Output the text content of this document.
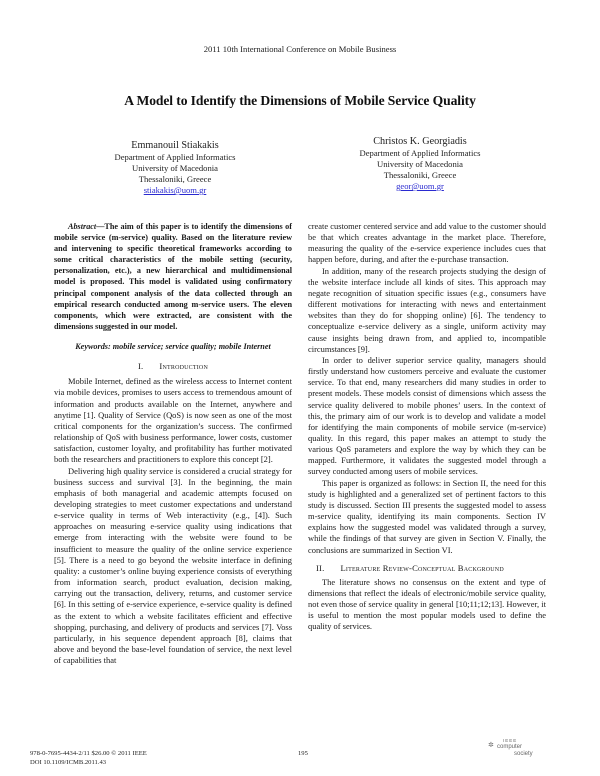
2011 10th International Conference on Mobile Business
A Model to Identify the Dimensions of Mobile Service Quality
Emmanouil Stiakakis
Department of Applied Informatics
University of Macedonia
Thessaloniki, Greece
stiakakis@uom.gr
Christos K. Georgiadis
Department of Applied Informatics
University of Macedonia
Thessaloniki, Greece
geor@uom.gr

Abstract—The aim of this paper is to identify the dimensions of mobile service (m-service) quality. Based on the literature review and intervening to specific theoretical frameworks according to some critical characteristics of the mobile setting (security, personalization, etc.), a new hierarchical and multidimensional model is proposed. This model is validated using confirmatory principal component analysis of the data collected through an empirical research conducted among m-service users. The eleven components, which were extracted, are consistent with the dimensions suggested in our model.

Keywords: mobile service; service quality; mobile Internet

I. Introduction

Mobile Internet, defined as the wireless access to Internet content via mobile devices, promises to users access to tremendous amount of information and products available on the Internet, anywhere and anytime [1]. Quality of Service (QoS) is now seen as one of the most critical components for the organization’s success. The confirmed relationship of QoS with business performance, lower costs, customer satisfaction, customer loyalty, and profitability has further motivated both the researchers and practitioners to explore this concept [2].

Delivering high quality service is considered a crucial strategy for business success and survival [3]. In the beginning, the main emphasis of both managerial and academic attempts focused on developing strategies to meet customer expectations and understand e-service quality in terms of Web interactivity (e.g., [4]). Such approaches on measuring e-service quality using indications that emerge from interacting with the website were found to be insufficient to measure the quality of the online service experience [5]. There is a need to go beyond the website interface in defining quality: a customer’s online buying experience consists of everything from information search, product evaluation, decision making, carrying out the transaction, delivery, returns, and customer service [6]. In this setting of e-service experience, e-service quality is defined as the extent to which a website facilitates efficient and effective shopping, purchasing, and delivery of products and services [7]. Voss particularly, in his sequence dependent approach [8], claims that above and beyond the base-level foundation of service, the next level of capabilities that

create customer centered service and add value to the customer should be that which creates advantage in the market place. Therefore, measuring the quality of the e-service experience includes cues that happen before, during, and after the e-purchase transaction.

In addition, many of the research projects studying the design of the website interface include all kinds of sites. This approach may negate recognition of situation specific issues (e.g., consumers have different motivations for interacting with news and entertainment websites than they do for shopping online) [6]. The tendency to conceptualize e-service delivery as a single, uniform activity may cause insights being drawn from, and applied to, incompatible circumstances [9].

In order to deliver superior service quality, managers should firstly understand how customers perceive and evaluate the customer service. To that end, many researchers did many studies in order to present models. These models consist of dimensions which assess the service quality delivered to mobile phones’ users. In the context of this, the primary aim of our work is to develop and validate a model for identifying the main components of mobile service (m-service) quality. In this regard, this paper makes an attempt to study the various QoS parameters and explore the way by which they can be mapped. Furthermore, it validates the suggested model through a survey conducted among users of mobile services.

This paper is organized as follows: in Section II, the need for this study is highlighted and a generalized set of pertinent factors to this study is discussed. Section III presents the suggested model to assess m-service quality, identifying its main components. Section IV explains how the suggested model was validated through a survey, while the findings of that survey are given in Section V. Finally, the conclusions are summarized in Section VI.

II. Literature Review-Conceptual Background

The literature shows no consensus on the extent and type of dimensions that reflect the ideals of electronic/mobile service quality, not even those of service quality in general [10;11;12;13]. However, it is useful to mention the most popular models used to define the quality of services.

978-0-7695-4434-2/11 $26.00 © 2011 IEEE
DOI 10.1109/ICMB.2011.43
195
IEEE
✲ computer
society
